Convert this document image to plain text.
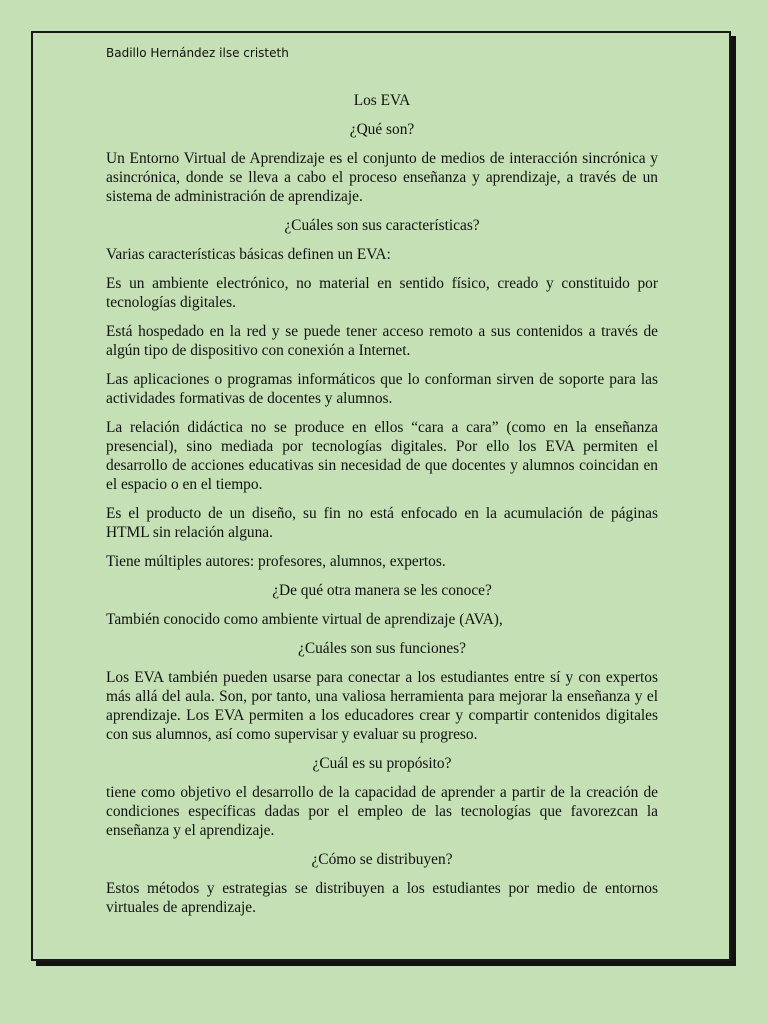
Badillo Hernández ilse cristeth

Los EVA

¿Qué son?

Un Entorno Virtual de Aprendizaje es el conjunto de medios de interacción sincrónica y asincrónica, donde se lleva a cabo el proceso enseñanza y aprendizaje, a través de un sistema de administración de aprendizaje.

¿Cuáles son sus características?

Varias características básicas definen un EVA:

Es un ambiente electrónico, no material en sentido físico, creado y constituido por tecnologías digitales.

Está hospedado en la red y se puede tener acceso remoto a sus contenidos a través de algún tipo de dispositivo con conexión a Internet.

Las aplicaciones o programas informáticos que lo conforman sirven de soporte para las actividades formativas de docentes y alumnos.

La relación didáctica no se produce en ellos “cara a cara” (como en la enseñanza presencial), sino mediada por tecnologías digitales. Por ello los EVA permiten el desarrollo de acciones educativas sin necesidad de que docentes y alumnos coincidan en el espacio o en el tiempo.

Es el producto de un diseño, su fin no está enfocado en la acumulación de páginas HTML sin relación alguna.

Tiene múltiples autores: profesores, alumnos, expertos.

¿De qué otra manera se les conoce?

También conocido como ambiente virtual de aprendizaje (AVA),

¿Cuáles son sus funciones?

Los EVA también pueden usarse para conectar a los estudiantes entre sí y con expertos más allá del aula. Son, por tanto, una valiosa herramienta para mejorar la enseñanza y el aprendizaje. Los EVA permiten a los educadores crear y compartir contenidos digitales con sus alumnos, así como supervisar y evaluar su progreso.

¿Cuál es su propósito?

tiene como objetivo el desarrollo de la capacidad de aprender a partir de la creación de condiciones específicas dadas por el empleo de las tecnologías que favorezcan la enseñanza y el aprendizaje.

¿Cómo se distribuyen?

Estos métodos y estrategias se distribuyen a los estudiantes por medio de entornos virtuales de aprendizaje.
